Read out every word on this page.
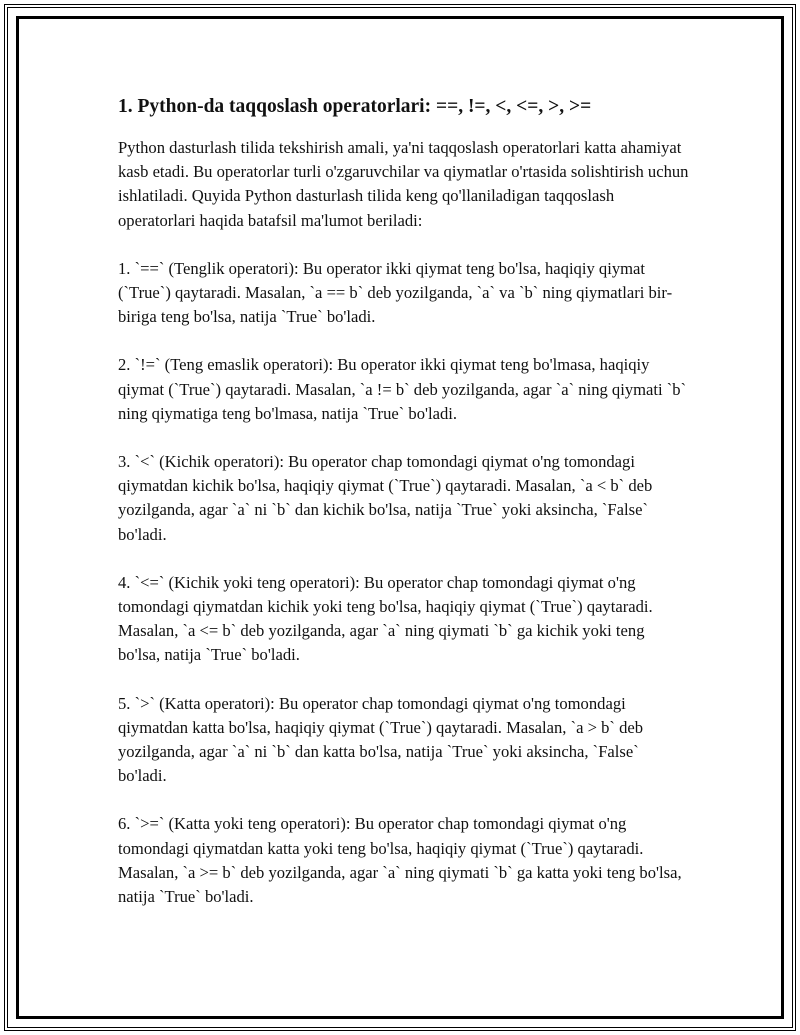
1. Python-da taqqoslash operatorlari: ==, !=, <, <=, >, >=

Python dasturlash tilida tekshirish amali, ya'ni taqqoslash operatorlari katta ahamiyat kasb etadi. Bu operatorlar turli o'zgaruvchilar va qiymatlar o'rtasida solishtirish uchun ishlatiladi. Quyida Python dasturlash tilida keng qo'llaniladigan taqqoslash operatorlari haqida batafsil ma'lumot beriladi:

1. `==` (Tenglik operatori): Bu operator ikki qiymat teng bo'lsa, haqiqiy qiymat (`True`) qaytaradi. Masalan, `a == b` deb yozilganda, `a` va `b` ning qiymatlari bir-biriga teng bo'lsa, natija `True` bo'ladi.

2. `!=` (Teng emaslik operatori): Bu operator ikki qiymat teng bo'lmasa, haqiqiy qiymat (`True`) qaytaradi. Masalan, `a != b` deb yozilganda, agar `a` ning qiymati `b` ning qiymatiga teng bo'lmasa, natija `True` bo'ladi.

3. `<` (Kichik operatori): Bu operator chap tomondagi qiymat o'ng tomondagi qiymatdan kichik bo'lsa, haqiqiy qiymat (`True`) qaytaradi. Masalan, `a < b` deb yozilganda, agar `a` ni `b` dan kichik bo'lsa, natija `True` yoki aksincha, `False` bo'ladi.

4. `<=` (Kichik yoki teng operatori): Bu operator chap tomondagi qiymat o'ng tomondagi qiymatdan kichik yoki teng bo'lsa, haqiqiy qiymat (`True`) qaytaradi. Masalan, `a <= b` deb yozilganda, agar `a` ning qiymati `b` ga kichik yoki teng bo'lsa, natija `True` bo'ladi.

5. `>` (Katta operatori): Bu operator chap tomondagi qiymat o'ng tomondagi qiymatdan katta bo'lsa, haqiqiy qiymat (`True`) qaytaradi. Masalan, `a > b` deb yozilganda, agar `a` ni `b` dan katta bo'lsa, natija `True` yoki aksincha, `False` bo'ladi.

6. `>=` (Katta yoki teng operatori): Bu operator chap tomondagi qiymat o'ng tomondagi qiymatdan katta yoki teng bo'lsa, haqiqiy qiymat (`True`) qaytaradi. Masalan, `a >= b` deb yozilganda, agar `a` ning qiymati `b` ga katta yoki teng bo'lsa, natija `True` bo'ladi.
